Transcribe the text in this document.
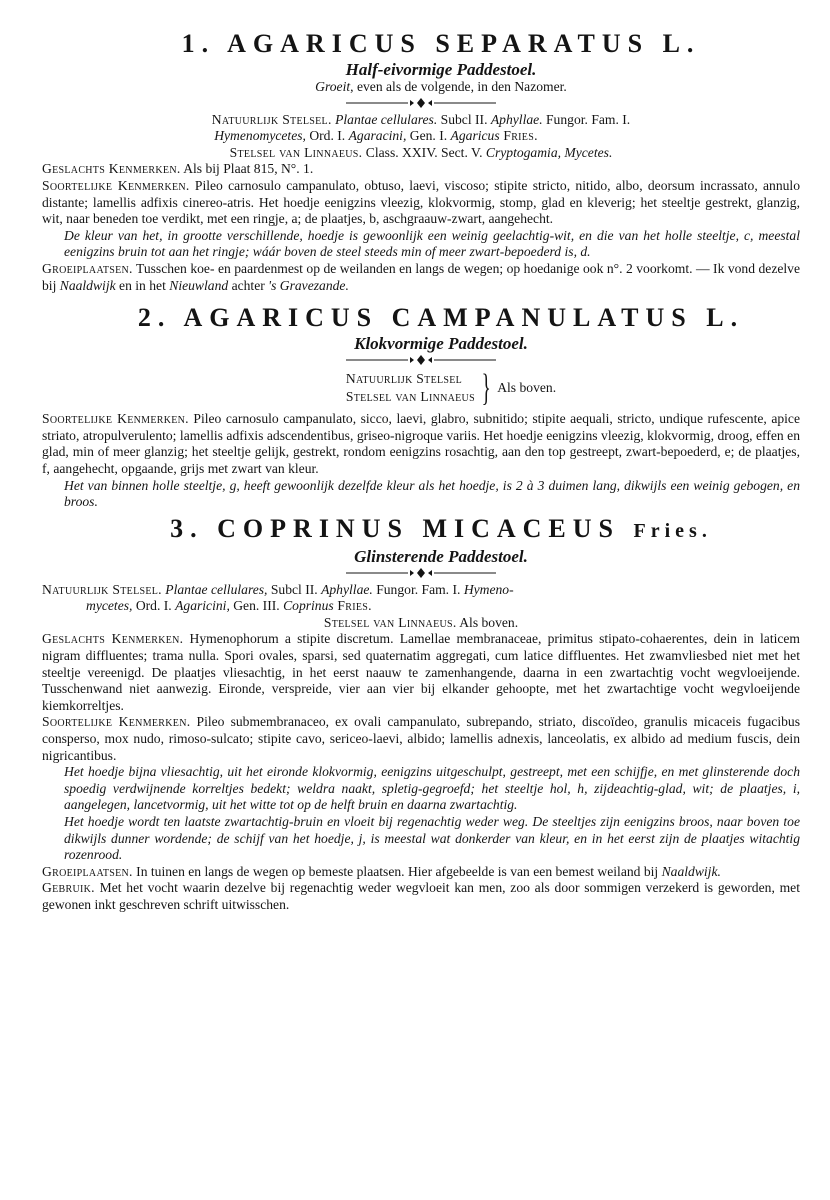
1. AGARICUS SEPARATUS L.
Half-eivormige Paddestoel.

Groeit, even als de volgende, in den Nazomer.

Natuurlijk Stelsel. Plantae cellulares. Subcl II. Aphyllae. Fungor. Fam. I.

Hymenomycetes, Ord. I. Agaracini, Gen. I. Agaricus Fries.

Stelsel van Linnaeus. Class. XXIV. Sect. V. Cryptogamia, Mycetes.

Geslachts Kenmerken. Als bij Plaat 815, N°. 1.

Soortelijke Kenmerken. Pileo carnosulo campanulato, obtuso, laevi, viscoso; stipite stricto, nitido, albo, deorsum incrassato, annulo distante; lamellis adfixis cinereo-atris. Het hoedje eenigzins vleezig, klokvormig, stomp, glad en kleverig; het steeltje gestrekt, glanzig, wit, naar beneden toe verdikt, met een ringje, a; de plaatjes, b, aschgraauw-zwart, aangehecht.

De kleur van het, in grootte verschillende, hoedje is gewoonlijk een weinig geelachtig-wit, en die van het holle steeltje, c, meestal eenigzins bruin tot aan het ringje; wáár boven de steel steeds min of meer zwart-bepoederd is, d.

Groeiplaatsen. Tusschen koe- en paardenmest op de weilanden en langs de wegen; op hoedanige ook n°. 2 voorkomt. — Ik vond dezelve bij Naaldwijk en in het Nieuwland achter 's Gravezande.

2. AGARICUS CAMPANULATUS L.
Klokvormige Paddestoel.
Natuurlijk Stelsel
Stelsel van Linnaeus } Als boven.

Soortelijke Kenmerken. Pileo carnosulo campanulato, sicco, laevi, glabro, subnitido; stipite aequali, stricto, undique rufescente, apice striato, atropulverulento; lamellis adfixis adscendentibus, griseo-nigroque variis. Het hoedje eenigzins vleezig, klokvormig, droog, effen en glad, min of meer glanzig; het steeltje gelijk, gestrekt, rondom eenigzins rosachtig, aan den top gestreept, zwart-bepoederd, e; de plaatjes, f, aangehecht, opgaande, grijs met zwart van kleur.

Het van binnen holle steeltje, g, heeft gewoonlijk dezelfde kleur als het hoedje, is 2 à 3 duimen lang, dikwijls een weinig gebogen, en broos.

3. COPRINUS MICACEUS Fries.
Glinsterende Paddestoel.

Natuurlijk Stelsel. Plantae cellulares, Subcl II. Aphyllae. Fungor. Fam. I. Hymeno-

mycetes, Ord. I. Agaricini, Gen. III. Coprinus Fries.

Stelsel van Linnaeus. Als boven.

Geslachts Kenmerken. Hymenophorum a stipite discretum. Lamellae membranaceae, primitus stipato-cohaerentes, dein in laticem nigram diffluentes; trama nulla. Spori ovales, sparsi, sed quaternatim aggregati, cum latice diffluentes. Het zwamvliesbed niet met het steeltje vereenigd. De plaatjes vliesachtig, in het eerst naauw te zamenhangende, daarna in een zwartachtig vocht wegvloeijende. Tusschenwand niet aanwezig. Eironde, verspreide, vier aan vier bij elkander gehoopte, met het zwartachtige vocht wegvloeijende kiemkorreltjes.

Soortelijke Kenmerken. Pileo submembranaceo, ex ovali campanulato, subrepando, striato, discoïdeo, granulis micaceis fugacibus consperso, mox nudo, rimoso-sulcato; stipite cavo, sericeo-laevi, albido; lamellis adnexis, lanceolatis, ex albido ad medium fuscis, dein nigricantibus.

Het hoedje bijna vliesachtig, uit het eironde klokvormig, eenigzins uitgeschulpt, gestreept, met een schijfje, en met glinsterende doch spoedig verdwijnende korreltjes bedekt; weldra naakt, spletig-gegroefd; het steeltje hol, h, zijdeachtig-glad, wit; de plaatjes, i, aangelegen, lancetvormig, uit het witte tot op de helft bruin en daarna zwartachtig.

Het hoedje wordt ten laatste zwartachtig-bruin en vloeit bij regenachtig weder weg. De steeltjes zijn eenigzins broos, naar boven toe dikwijls dunner wordende; de schijf van het hoedje, j, is meestal wat donkerder van kleur, en in het eerst zijn de plaatjes witachtig rozenrood.

Groeiplaatsen. In tuinen en langs de wegen op bemeste plaatsen. Hier afgebeelde is van een bemest weiland bij Naaldwijk.

Gebruik. Met het vocht waarin dezelve bij regenachtig weder wegvloeit kan men, zoo als door sommigen verzekerd is geworden, met gewonen inkt geschreven schrift uitwisschen.
